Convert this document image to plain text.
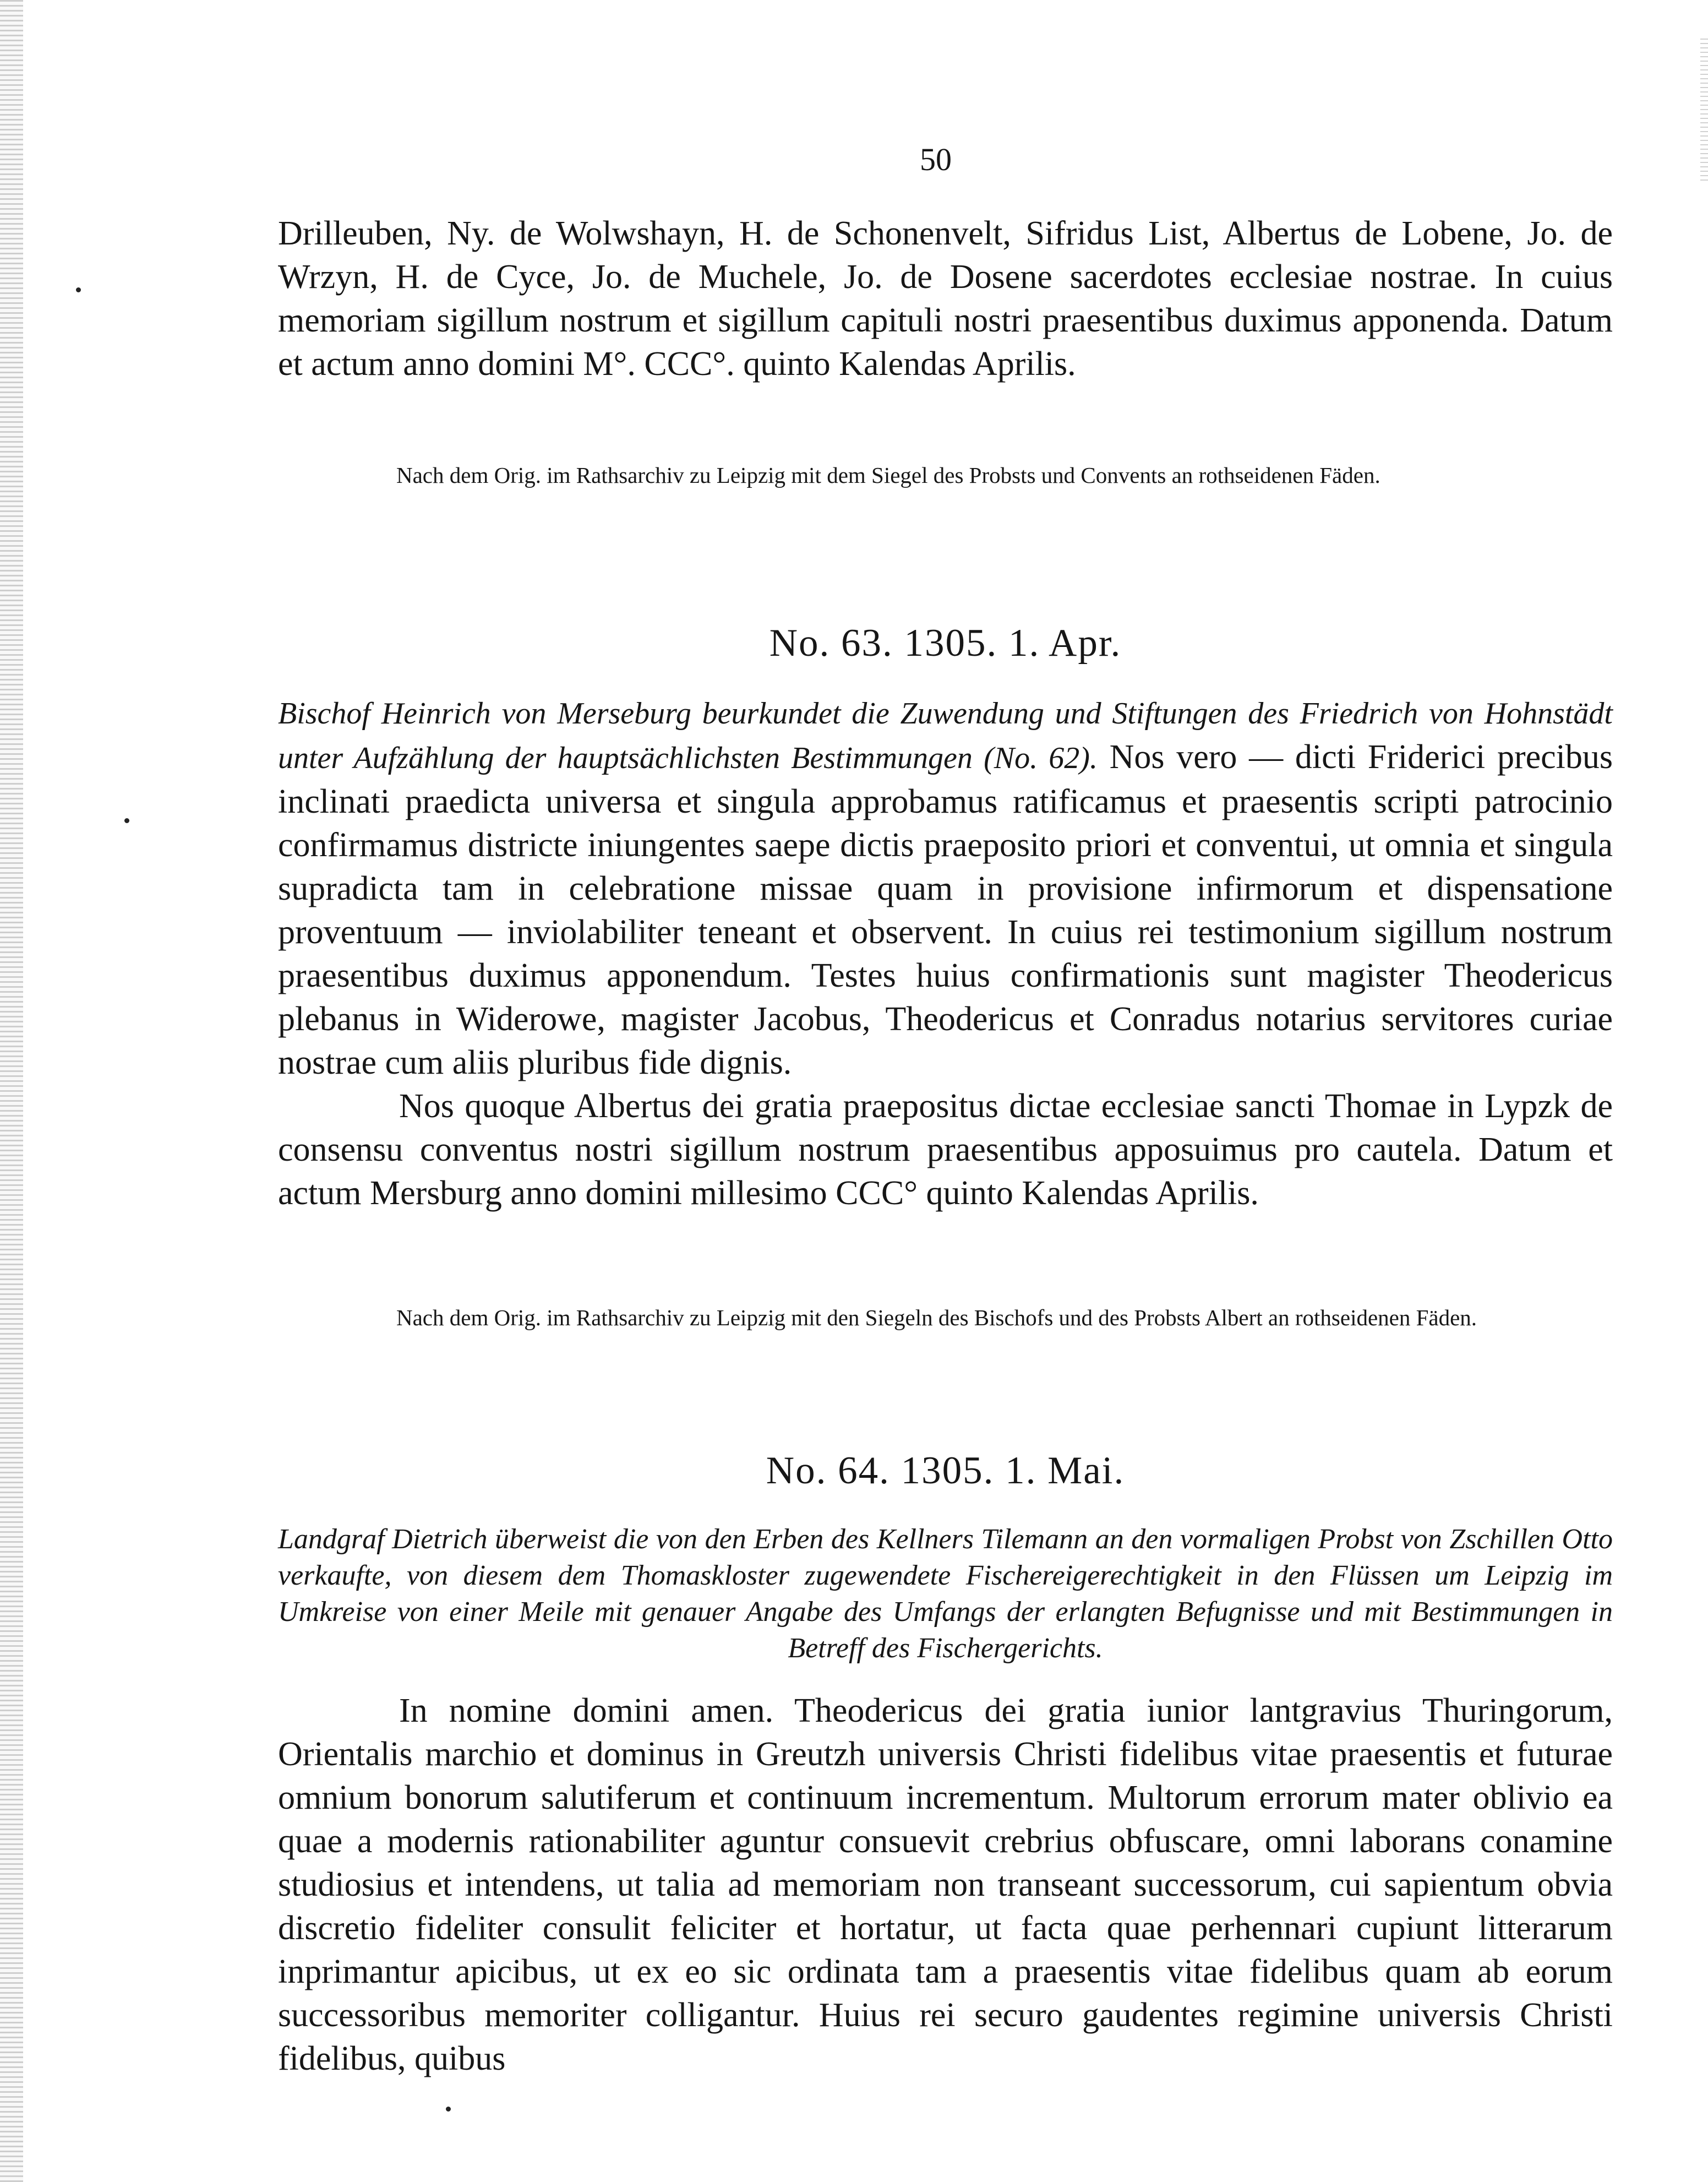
50

Drilleuben, Ny. de Wolwshayn, H. de Schonenvelt, Sifridus List, Albertus de Lobene, Jo. de Wrzyn, H. de Cyce, Jo. de Muchele, Jo. de Dosene sacerdotes ecclesiae nostrae. In cuius memoriam sigillum nostrum et sigillum capituli nostri praesentibus duximus apponenda. Datum et actum anno domini M°. CCC°. quinto Kalendas Aprilis.

Nach dem Orig. im Rathsarchiv zu Leipzig mit dem Siegel des Probsts und Convents an rothseidenen Fäden.

No. 63. 1305. 1. Apr.

Bischof Heinrich von Merseburg beurkundet die Zuwendung und Stiftungen des Friedrich von Hohnstädt unter Aufzählung der hauptsächlichsten Bestimmungen (No. 62). Nos vero — dicti Friderici precibus inclinati praedicta universa et singula approbamus ratificamus et praesentis scripti patrocinio confirmamus districte iniungentes saepe dictis praeposito priori et conventui, ut omnia et singula supradicta tam in celebratione missae quam in provisione infirmorum et dispensatione proventuum — inviolabiliter teneant et observent. In cuius rei testimonium sigillum nostrum praesentibus duximus apponendum. Testes huius confirmationis sunt magister Theodericus plebanus in Widerowe, magister Jacobus, Theodericus et Conradus notarius servitores curiae nostrae cum aliis pluribus fide dignis.

Nos quoque Albertus dei gratia praepositus dictae ecclesiae sancti Thomae in Lypzk de consensu conventus nostri sigillum nostrum praesentibus apposuimus pro cautela. Datum et actum Mersburg anno domini millesimo CCC° quinto Kalendas Aprilis.

Nach dem Orig. im Rathsarchiv zu Leipzig mit den Siegeln des Bischofs und des Probsts Albert an rothseidenen Fäden.

No. 64. 1305. 1. Mai.

Landgraf Dietrich überweist die von den Erben des Kellners Tilemann an den vormaligen Probst von Zschillen Otto verkaufte, von diesem dem Thomaskloster zugewendete Fischereigerechtigkeit in den Flüssen um Leipzig im Umkreise von einer Meile mit genauer Angabe des Umfangs der erlangten Befugnisse und mit Bestimmungen in Betreff des Fischergerichts.

In nomine domini amen. Theodericus dei gratia iunior lantgravius Thuringorum, Orientalis marchio et dominus in Greutzh universis Christi fidelibus vitae praesentis et futurae omnium bonorum salutiferum et continuum incrementum. Multorum errorum mater oblivio ea quae a modernis rationabiliter aguntur consuevit crebrius obfuscare, omni laborans conamine studiosius et intendens, ut talia ad memoriam non transeant successorum, cui sapientum obvia discretio fideliter consulit feliciter et hortatur, ut facta quae perhennari cupiunt litterarum inprimantur apicibus, ut ex eo sic ordinata tam a praesentis vitae fidelibus quam ab eorum successoribus memoriter colligantur. Huius rei securo gaudentes regimine universis Christi fidelibus, quibus
